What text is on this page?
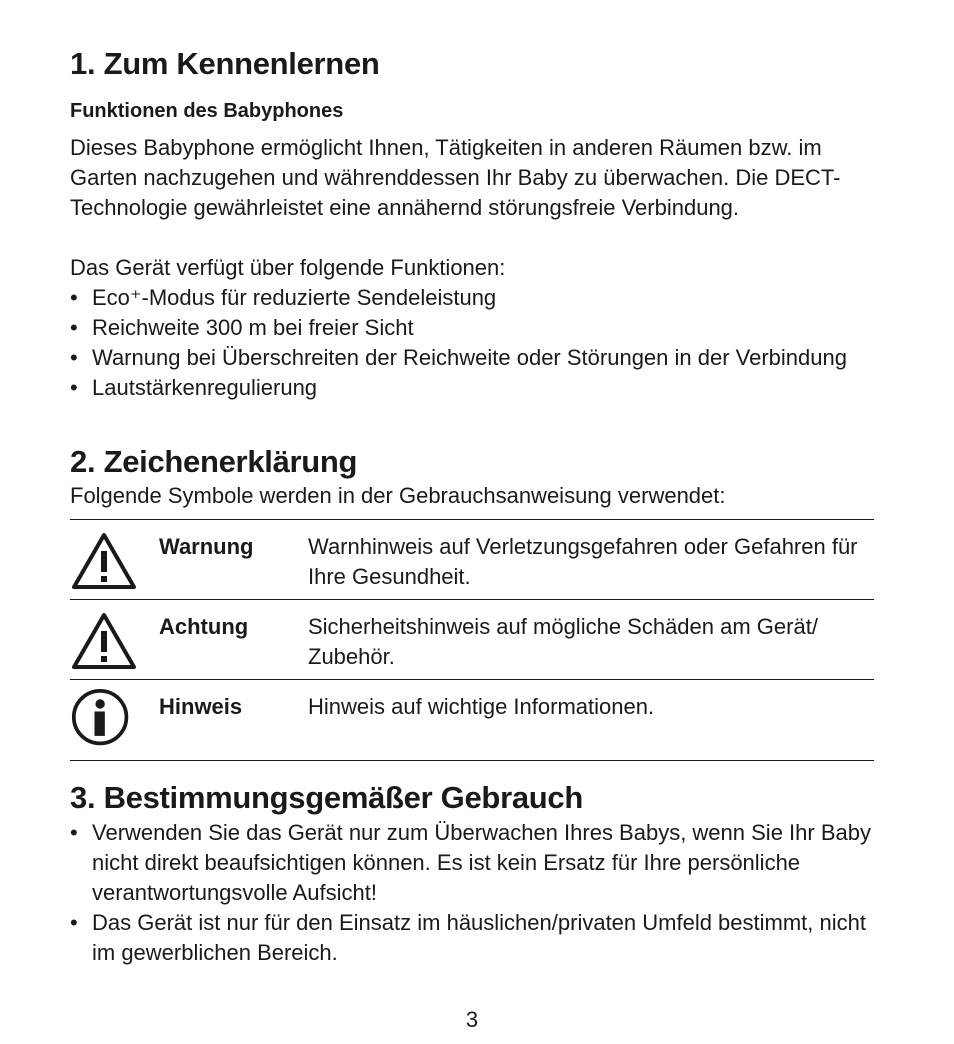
1. Zum Kennenlernen
Funktionen des Babyphones

Dieses Babyphone ermöglicht Ihnen, Tätigkeiten in anderen Räumen bzw. im Garten nachzugehen und währenddessen Ihr Baby zu überwachen. Die DECT-Technologie gewährleistet eine annähernd störungsfreie Verbindung.

Das Gerät verfügt über folgende Funktionen:

• Eco⁺-Modus für reduzierte Sendeleistung
• Reichweite 300 m bei freier Sicht
• Warnung bei Überschreiten der Reichweite oder Störungen in der Verbindung
• Lautstärkenregulierung
2. Zeichenerklärung

Folgende Symbole werden in der Gebrauchsanweisung verwendet:

Warnung Warnhinweis auf Verletzungsgefahren oder Gefahren für Ihre Gesundheit.
Achtung	Sicherheitshinweis auf mögliche Schäden am Gerät/ Zubehör.
Hinweis	Hinweis auf wichtige Informationen.
3. Bestimmungsgemäßer Gebrauch
• Verwenden Sie das Gerät nur zum Überwachen Ihres Babys, wenn Sie Ihr Baby nicht direkt beaufsichtigen können. Es ist kein Ersatz für Ihre persönliche verantwortungsvolle Aufsicht!
• Das Gerät ist nur für den Einsatz im häuslichen/privaten Umfeld bestimmt, nicht im gewerblichen Bereich.
3
